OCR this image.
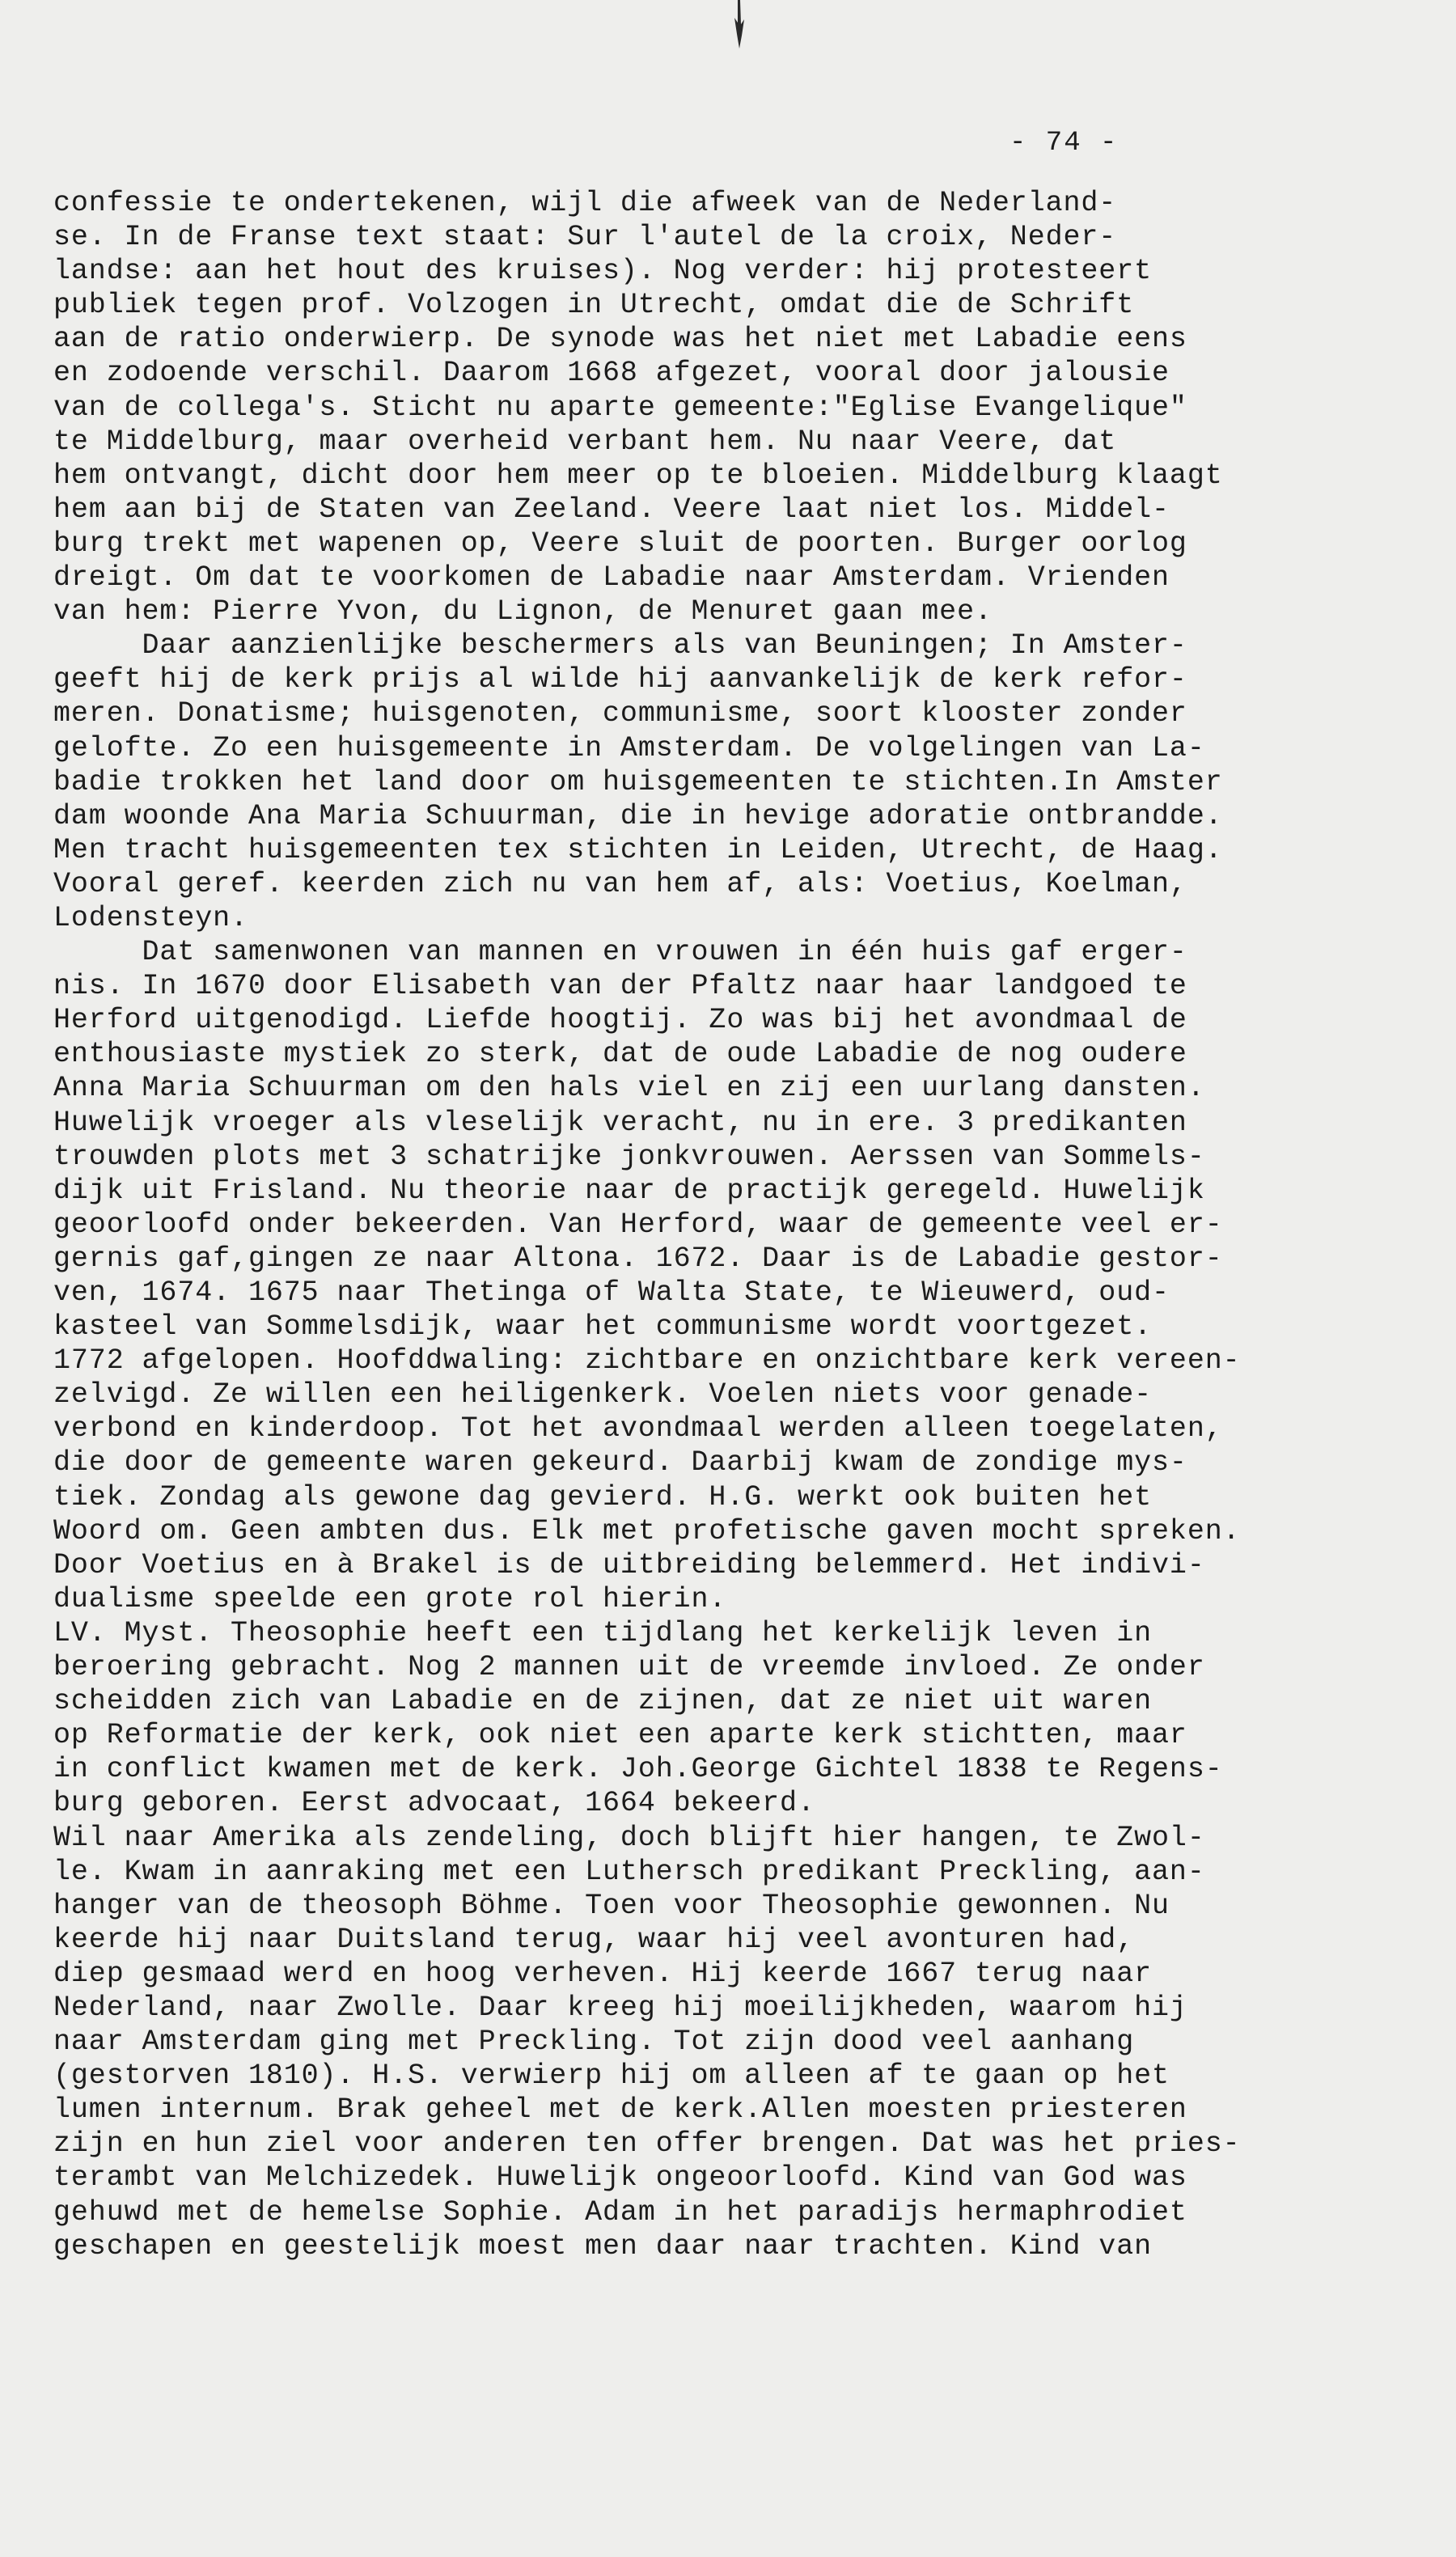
- 74 -
confessie te ondertekenen, wijl die afweek van de Nederland-
se. In de Franse text staat: Sur l'autel de la croix, Neder-
landse: aan het hout des kruises). Nog verder: hij protesteert
publiek tegen prof. Volzogen in Utrecht, omdat die de Schrift
aan de ratio onderwierp. De synode was het niet met Labadie eens
en zodoende verschil. Daarom 1668 afgezet, vooral door jalousie
van de collega's. Sticht nu aparte gemeente:"Eglise Evangelique"
te Middelburg, maar overheid verbant hem. Nu naar Veere, dat
hem ontvangt, dicht door hem meer op te bloeien. Middelburg klaagt
hem aan bij de Staten van Zeeland. Veere laat niet los. Middel-
burg trekt met wapenen op, Veere sluit de poorten. Burger oorlog
dreigt. Om dat te voorkomen de Labadie naar Amsterdam. Vrienden
van hem: Pierre Yvon, du Lignon, de Menuret gaan mee.
Daar aanzienlijke beschermers als van Beuningen; In Amster-
geeft hij de kerk prijs al wilde hij aanvankelijk de kerk refor-
meren. Donatisme; huisgenoten, communisme, soort klooster zonder
gelofte. Zo een huisgemeente in Amsterdam. De volgelingen van La-
badie trokken het land door om huisgemeenten te stichten.In Amster
dam woonde Ana Maria Schuurman, die in hevige adoratie ontbrandde.
Men tracht huisgemeenten tex stichten in Leiden, Utrecht, de Haag.
Vooral geref. keerden zich nu van hem af, als: Voetius, Koelman,
Lodensteyn.
Dat samenwonen van mannen en vrouwen in één huis gaf erger-
nis. In 1670 door Elisabeth van der Pfaltz naar haar landgoed te
Herford uitgenodigd. Liefde hoogtij. Zo was bij het avondmaal de
enthousiaste mystiek zo sterk, dat de oude Labadie de nog oudere
Anna Maria Schuurman om den hals viel en zij een uurlang dansten.
Huwelijk vroeger als vleselijk veracht, nu in ere. 3 predikanten
trouwden plots met 3 schatrijke jonkvrouwen. Aerssen van Sommels-
dijk uit Frisland. Nu theorie naar de practijk geregeld. Huwelijk
geoorloofd onder bekeerden. Van Herford, waar de gemeente veel er-
gernis gaf,gingen ze naar Altona. 1672. Daar is de Labadie gestor-
ven, 1674. 1675 naar Thetinga of Walta State, te Wieuwerd, oud-
kasteel van Sommelsdijk, waar het communisme wordt voortgezet.
1772 afgelopen. Hoofddwaling: zichtbare en onzichtbare kerk vereen-
zelvigd. Ze willen een heiligenkerk. Voelen niets voor genade-
verbond en kinderdoop. Tot het avondmaal werden alleen toegelaten,
die door de gemeente waren gekeurd. Daarbij kwam de zondige mys-
tiek. Zondag als gewone dag gevierd. H.G. werkt ook buiten het
Woord om. Geen ambten dus. Elk met profetische gaven mocht spreken.
Door Voetius en à Brakel is de uitbreiding belemmerd. Het indivi-
dualisme speelde een grote rol hierin.
LV. Myst. Theosophie heeft een tijdlang het kerkelijk leven in
beroering gebracht. Nog 2 mannen uit de vreemde invloed. Ze onder
scheidden zich van Labadie en de zijnen, dat ze niet uit waren
op Reformatie der kerk, ook niet een aparte kerk stichtten, maar
in conflict kwamen met de kerk. Joh.George Gichtel 1838 te Regens-
burg geboren. Eerst advocaat, 1664 bekeerd.
Wil naar Amerika als zendeling, doch blijft hier hangen, te Zwol-
le. Kwam in aanraking met een Luthersch predikant Preckling, aan-
hanger van de theosoph Böhme. Toen voor Theosophie gewonnen. Nu
keerde hij naar Duitsland terug, waar hij veel avonturen had,
diep gesmaad werd en hoog verheven. Hij keerde 1667 terug naar
Nederland, naar Zwolle. Daar kreeg hij moeilijkheden, waarom hij
naar Amsterdam ging met Preckling. Tot zijn dood veel aanhang
(gestorven 1810). H.S. verwierp hij om alleen af te gaan op het
lumen internum. Brak geheel met de kerk.Allen moesten priesteren
zijn en hun ziel voor anderen ten offer brengen. Dat was het pries-
terambt van Melchizedek. Huwelijk ongeoorloofd. Kind van God was
gehuwd met de hemelse Sophie. Adam in het paradijs hermaphrodiet
geschapen en geestelijk moest men daar naar trachten. Kind van
